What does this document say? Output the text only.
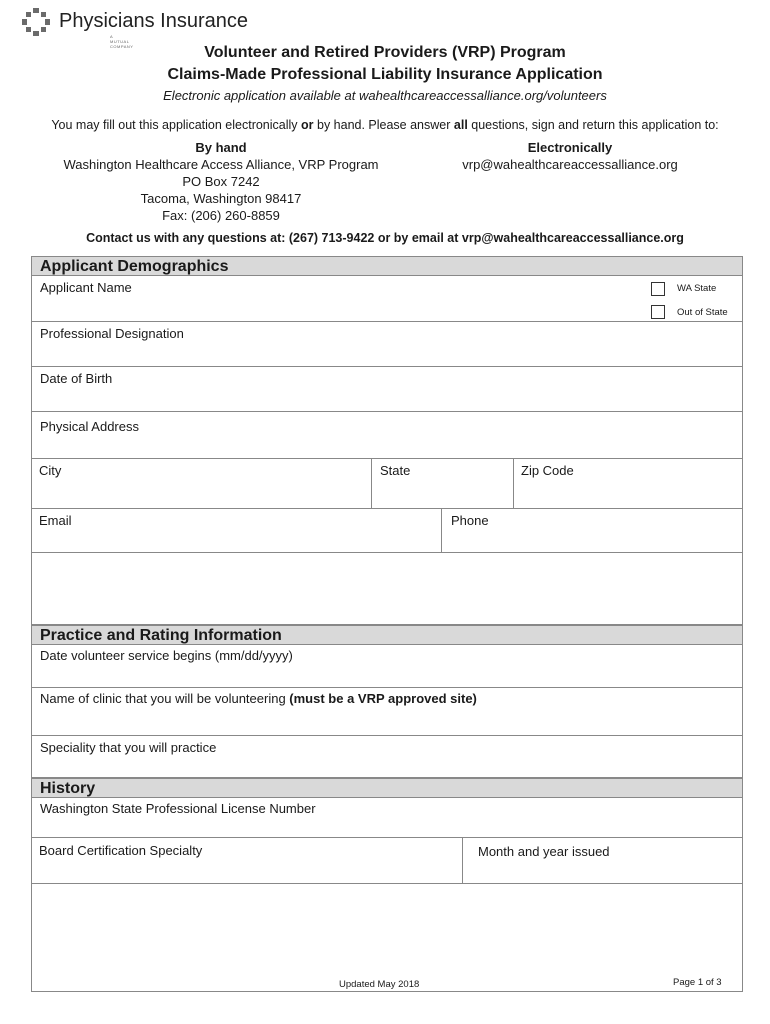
Physicians Insurance
A MUTUAL COMPANY	Volunteer and Retired Providers (VRP) Program
Claims-Made Professional Liability Insurance Application
Electronic application available at wahealthcareaccessalliance.org/volunteers
You may fill out this application electronically or by hand. Please answer all questions, sign and return this application to:
By hand
Washington Healthcare Access Alliance, VRP Program
PO Box 7242
Tacoma, Washington 98417
Fax: (206) 260-8859
Electronically
vrp@wahealthcareaccessalliance.org
Contact us with any questions at: (267) 713-9422 or by email at vrp@wahealthcareaccessalliance.org
Applicant Demographics
Applicant Name	WA State
Out of State
Professional Designation
Date of Birth
Physical Address
City	State	Zip Code
Email	Phone
Practice and Rating Information
Date volunteer service begins (mm/dd/yyyy)
Name of clinic that you will be volunteering (must be a VRP approved site)
Speciality that you will practice
History
Washington State Professional License Number
Board Certification Specialty	Month and year issued
Updated May 2018	Page 1 of 3
